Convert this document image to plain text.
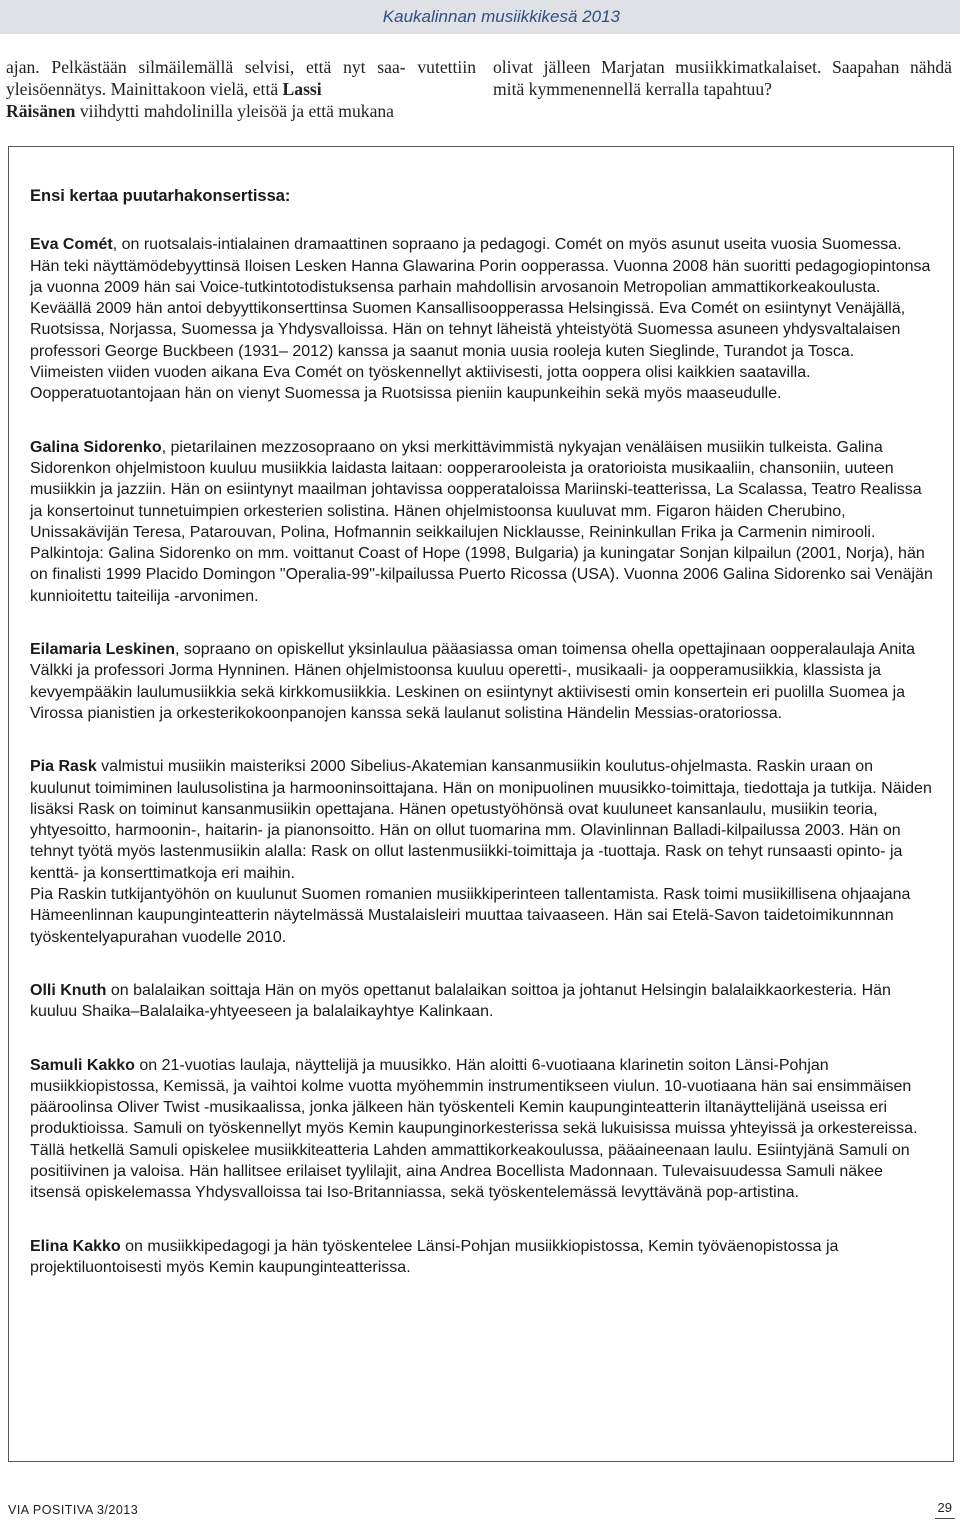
Kaukalinnan musiikkikesä 2013
ajan. Pelkästään silmäilemällä selvisi, että nyt saa- vutettiin yleisöennätys. Mainittakoon vielä, että Lassi
Räisänen viihdytti mahdolinilla yleisöä ja että mukana
olivat jälleen Marjatan musiikkimatkalaiset. Saapahan nähdä mitä kymmenennellä kerralla tapahtuu?
Ensi kertaa puutarhakonsertissa:

Eva Comét, on ruotsalais-intialainen dramaattinen sopraano ja pedagogi. Comét on myös asunut useita vuosia Suomessa. Hän teki näyttämödebyyttinsä Iloisen Lesken Hanna Glawarina Porin oopperassa. Vuonna 2008 hän suoritti pedagogiopintonsa ja vuonna 2009 hän sai Voice-tutkintotodistuksensa parhain mahdollisin arvosanoin Metropolian ammattikorkeakoulusta.

Keväällä 2009 hän antoi debyyttikonserttinsa Suomen Kansallisoopperassa Helsingissä. Eva Comét on esiintynyt Venäjällä, Ruotsissa, Norjassa, Suomessa ja Yhdysvalloissa. Hän on tehnyt läheistä yhteistyötä Suomessa asuneen yhdysvaltalaisen professori George Buckbeen (1931– 2012) kanssa ja saanut monia uusia rooleja kuten Sieglinde, Turandot ja Tosca.

Viimeisten viiden vuoden aikana Eva Comét on työskennellyt aktiivisesti, jotta ooppera olisi kaikkien saatavilla. Oopperatuotantojaan hän on vienyt Suomessa ja Ruotsissa pieniin kaupunkeihin sekä myös maaseudulle.

Galina Sidorenko, pietarilainen mezzosopraano on yksi merkittävimmistä nykyajan venäläisen musiikin tulkeista. Galina Sidorenkon ohjelmistoon kuuluu musiikkia laidasta laitaan: oopperarooleista ja oratorioista musikaaliin, chansoniin, uuteen musiikkin ja jazziin. Hän on esiintynyt maailman johtavissa oopperataloissa Mariinski-teatterissa, La Scalassa, Teatro Realissa ja konsertoinut tunnetuimpien orkesterien solistina. Hänen ohjelmistoonsa kuuluvat mm. Figaron häiden Cherubino, Unissakävijän Teresa, Patarouvan, Polina, Hofmannin seikkailujen Nicklausse, Reininkullan Frika ja Carmenin nimirooli. Palkintoja: Galina Sidorenko on mm. voittanut Coast of Hope (1998, Bulgaria) ja kuningatar Sonjan kilpailun (2001, Norja), hän on finalisti 1999 Placido Domingon "Operalia-99"-kilpailussa Puerto Ricossa (USA). Vuonna 2006 Galina Sidorenko sai Venäjän kunnioitettu taiteilija -arvonimen.

Eilamaria Leskinen, sopraano on opiskellut yksinlaulua pääasiassa oman toimensa ohella opettajinaan oopperalaulaja Anita Välkki ja professori Jorma Hynninen. Hänen ohjelmistoonsa kuuluu operetti-, musikaali- ja oopperamusiikkia, klassista ja kevyempääkin laulumusiikkia sekä kirkkomusiikkia. Leskinen on esiintynyt aktiivisesti omin konsertein eri puolilla Suomea ja Virossa pianistien ja orkesterikokoonpanojen kanssa sekä laulanut solistina Händelin Messias-oratoriossa.

Pia Rask valmistui musiikin maisteriksi 2000 Sibelius-Akatemian kansanmusiikin koulutus-ohjelmasta. Raskin uraan on kuulunut toimiminen laulusolistina ja harmooninsoittajana. Hän on monipuolinen muusikko-toimittaja, tiedottaja ja tutkija. Näiden lisäksi Rask on toiminut kansanmusiikin opettajana. Hänen opetustyöhönsä ovat kuuluneet kansanlaulu, musiikin teoria, yhtyesoitto, harmoonin-, haitarin- ja pianonsoitto. Hän on ollut tuomarina mm. Olavinlinnan Balladi-kilpailussa 2003. Hän on tehnyt työtä myös lastenmusiikin alalla: Rask on ollut lastenmusiikki-toimittaja ja -tuottaja. Rask on tehyt runsaasti opinto- ja kenttä- ja konserttimatkoja eri maihin.

Pia Raskin tutkijantyöhön on kuulunut Suomen romanien musiikkiperinteen tallentamista. Rask toimi musiikillisena ohjaajana Hämeenlinnan kaupunginteatterin näytelmässä Mustalaisleiri muuttaa taivaaseen. Hän sai Etelä-Savon taidetoimikunnnan työskentelyapurahan vuodelle 2010.

Olli Knuth on balalaikan soittaja Hän on myös opettanut balalaikan soittoa ja johtanut Helsingin balalaikkaorkesteria. Hän kuuluu Shaika–Balalaika-yhtyeeseen ja balalaikayhtye Kalinkaan.

Samuli Kakko on 21-vuotias laulaja, näyttelijä ja muusikko. Hän aloitti 6-vuotiaana klarinetin soiton Länsi-Pohjan musiikkiopistossa, Kemissä, ja vaihtoi kolme vuotta myöhemmin instrumentikseen viulun. 10-vuotiaana hän sai ensimmäisen pääroolinsa Oliver Twist -musikaalissa, jonka jälkeen hän työskenteli Kemin kaupunginteatterin iltanäyttelijänä useissa eri produktioissa. Samuli on työskennellyt myös Kemin kaupunginorkesterissa sekä lukuisissa muissa yhteyissä ja orkestereissa. Tällä hetkellä Samuli opiskelee musiikkiteatteria Lahden ammattikorkeakoulussa, pääaineenaan laulu. Esiintyjänä Samuli on positiivinen ja valoisa. Hän hallitsee erilaiset tyylilajit, aina Andrea Bocellista Madonnaan. Tulevaisuudessa Samuli näkee itsensä opiskelemassa Yhdysvalloissa tai Iso-Britanniassa, sekä työskentelemässä levyttävänä pop-artistina.

Elina Kakko on musiikkipedagogi ja hän työskentelee Länsi-Pohjan musiikkiopistossa, Kemin työväenopistossa ja projektiluontoisesti myös Kemin kaupunginteatterissa.

VIA POSITIVA 3/2013	29
